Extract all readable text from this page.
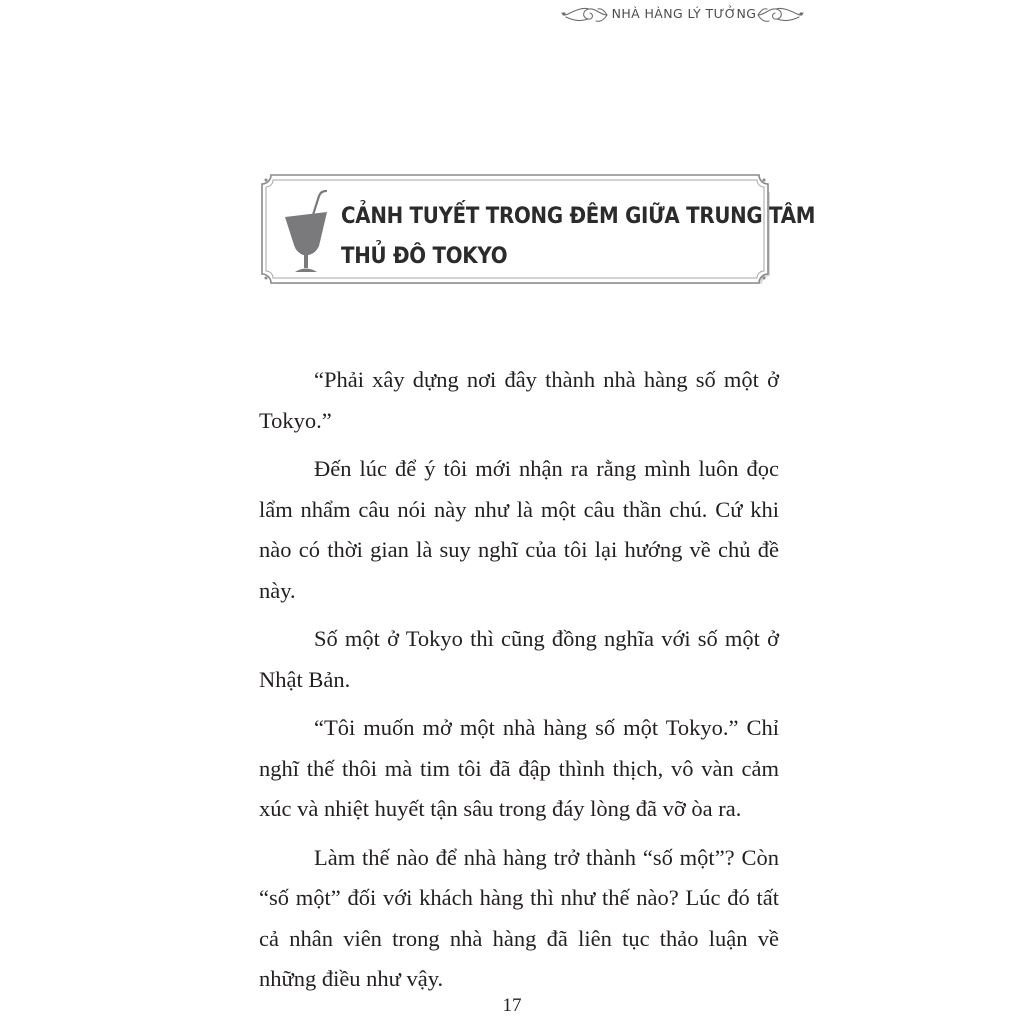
NHÀ HÀNG LÝ TƯỞNG
CẢNH TUYẾT TRONG ĐÊM GIỮA TRUNG TÂM
THỦ ĐÔ TOKYO

“Phải xây dựng nơi đây thành nhà hàng số một ở Tokyo.”

Đến lúc để ý tôi mới nhận ra rằng mình luôn đọc lẩm nhẩm câu nói này như là một câu thần chú. Cứ khi nào có thời gian là suy nghĩ của tôi lại hướng về chủ đề này.

Số một ở Tokyo thì cũng đồng nghĩa với số một ở Nhật Bản.

“Tôi muốn mở một nhà hàng số một Tokyo.” Chỉ nghĩ thế thôi mà tim tôi đã đập thình thịch, vô vàn cảm xúc và nhiệt huyết tận sâu trong đáy lòng đã vỡ òa ra.

Làm thế nào để nhà hàng trở thành “số một”? Còn “số một” đối với khách hàng thì như thế nào? Lúc đó tất cả nhân viên trong nhà hàng đã liên tục thảo luận về những điều như vậy.

17
